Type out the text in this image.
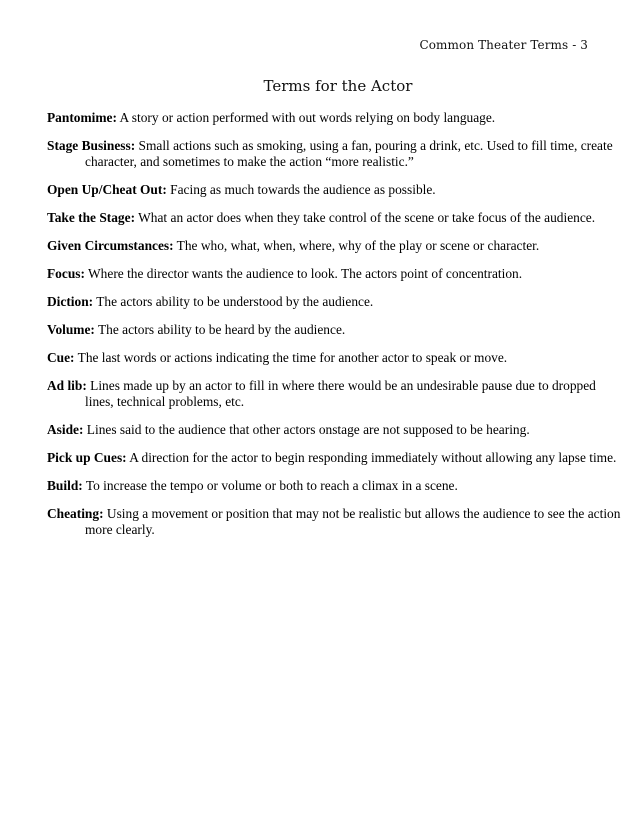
Common Theater Terms - 3
Terms for the Actor

Pantomime: A story or action performed with out words relying on body language.

Stage Business: Small actions such as smoking, using a fan, pouring a drink, etc. Used to fill time, create character, and sometimes to make the action “more realistic.”

Open Up/Cheat Out: Facing as much towards the audience as possible.

Take the Stage: What an actor does when they take control of the scene or take focus of the audience.

Given Circumstances: The who, what, when, where, why of the play or scene or character.

Focus: Where the director wants the audience to look. The actors point of concentration.

Diction: The actors ability to be understood by the audience.

Volume: The actors ability to be heard by the audience.

Cue: The last words or actions indicating the time for another actor to speak or move.

Ad lib: Lines made up by an actor to fill in where there would be an undesirable pause due to dropped lines, technical problems, etc.

Aside: Lines said to the audience that other actors onstage are not supposed to be hearing.

Pick up Cues: A direction for the actor to begin responding immediately without allowing any lapse time.

Build: To increase the tempo or volume or both to reach a climax in a scene.

Cheating: Using a movement or position that may not be realistic but allows the audience to see the action more clearly.
